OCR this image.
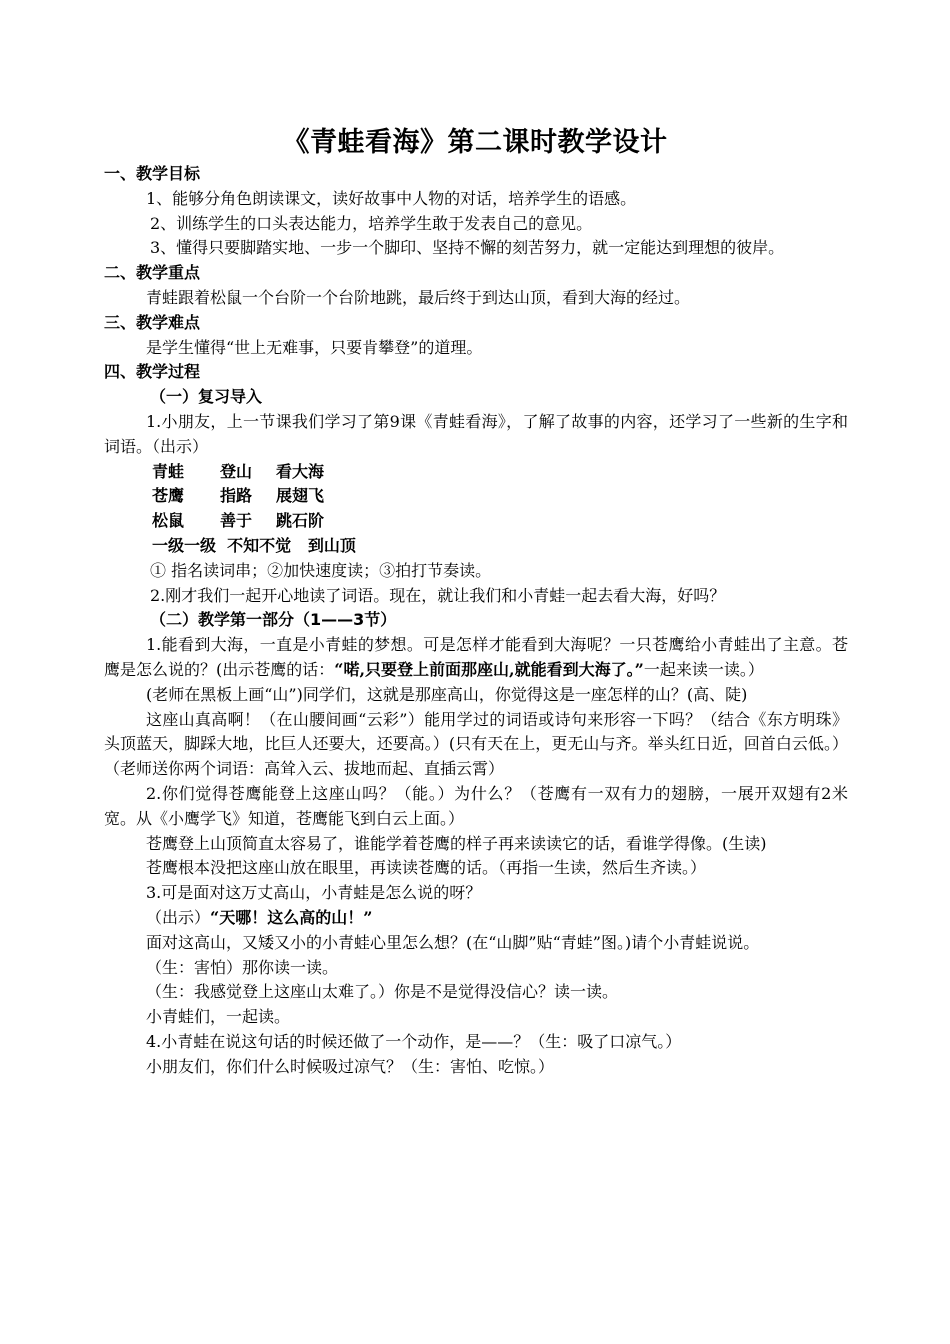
《青蛙看海》第二课时教学设计

一、教学目标

1、能够分角色朗读课文，读好故事中人物的对话，培养学生的语感。

2、训练学生的口头表达能力，培养学生敢于发表自己的意见。

3、懂得只要脚踏实地、一步一个脚印、坚持不懈的刻苦努力，就一定能达到理想的彼岸。

二、教学重点

青蛙跟着松鼠一个台阶一个台阶地跳，最后终于到达山顶，看到大海的经过。

三、教学难点

是学生懂得“世上无难事，只要肯攀登”的道理。

四、教学过程

（一）复习导入

1.小朋友，上一节课我们学习了第9课《青蛙看海》，了解了故事的内容，还学习了一些新的生字和词语。（出示）

青蛙 登山 看大海

苍鹰 指路 展翅飞

松鼠 善于 跳石阶

一级一级  不知不觉   到山顶

① 指名读词串；②加快速度读；③拍打节奏读。

2.刚才我们一起开心地读了词语。现在，就让我们和小青蛙一起去看大海，好吗？

（二）教学第一部分（1——3节）

1.能看到大海，一直是小青蛙的梦想。可是怎样才能看到大海呢？一只苍鹰给小青蛙出了主意。苍鹰是怎么说的？(出示苍鹰的话：“喏,只要登上前面那座山,就能看到大海了。”一起来读一读。）

(老师在黑板上画“山”)同学们，这就是那座高山，你觉得这是一座怎样的山？(高、陡)

这座山真高啊！（在山腰间画“云彩”）能用学过的词语或诗句来形容一下吗？（结合《东方明珠》头顶蓝天，脚踩大地，比巨人还要大，还要高。）(只有天在上，更无山与齐。举头红日近，回首白云低。）（老师送你两个词语：高耸入云、拔地而起、直插云霄）

2.你们觉得苍鹰能登上这座山吗？（能。）为什么？（苍鹰有一双有力的翅膀，一展开双翅有2米宽。从《小鹰学飞》知道，苍鹰能飞到白云上面。）

苍鹰登上山顶简直太容易了，谁能学着苍鹰的样子再来读读它的话，看谁学得像。(生读)

苍鹰根本没把这座山放在眼里，再读读苍鹰的话。（再指一生读，然后生齐读。）

3.可是面对这万丈高山，小青蛙是怎么说的呀？

（出示）“天哪！这么高的山！”

面对这高山，又矮又小的小青蛙心里怎么想？(在“山脚”贴“青蛙”图。)请个小青蛙说说。

（生：害怕）那你读一读。

（生：我感觉登上这座山太难了。）你是不是觉得没信心？读一读。

小青蛙们，一起读。

4.小青蛙在说这句话的时候还做了一个动作，是——？（生：吸了口凉气。）

小朋友们，你们什么时候吸过凉气？（生：害怕、吃惊。）
